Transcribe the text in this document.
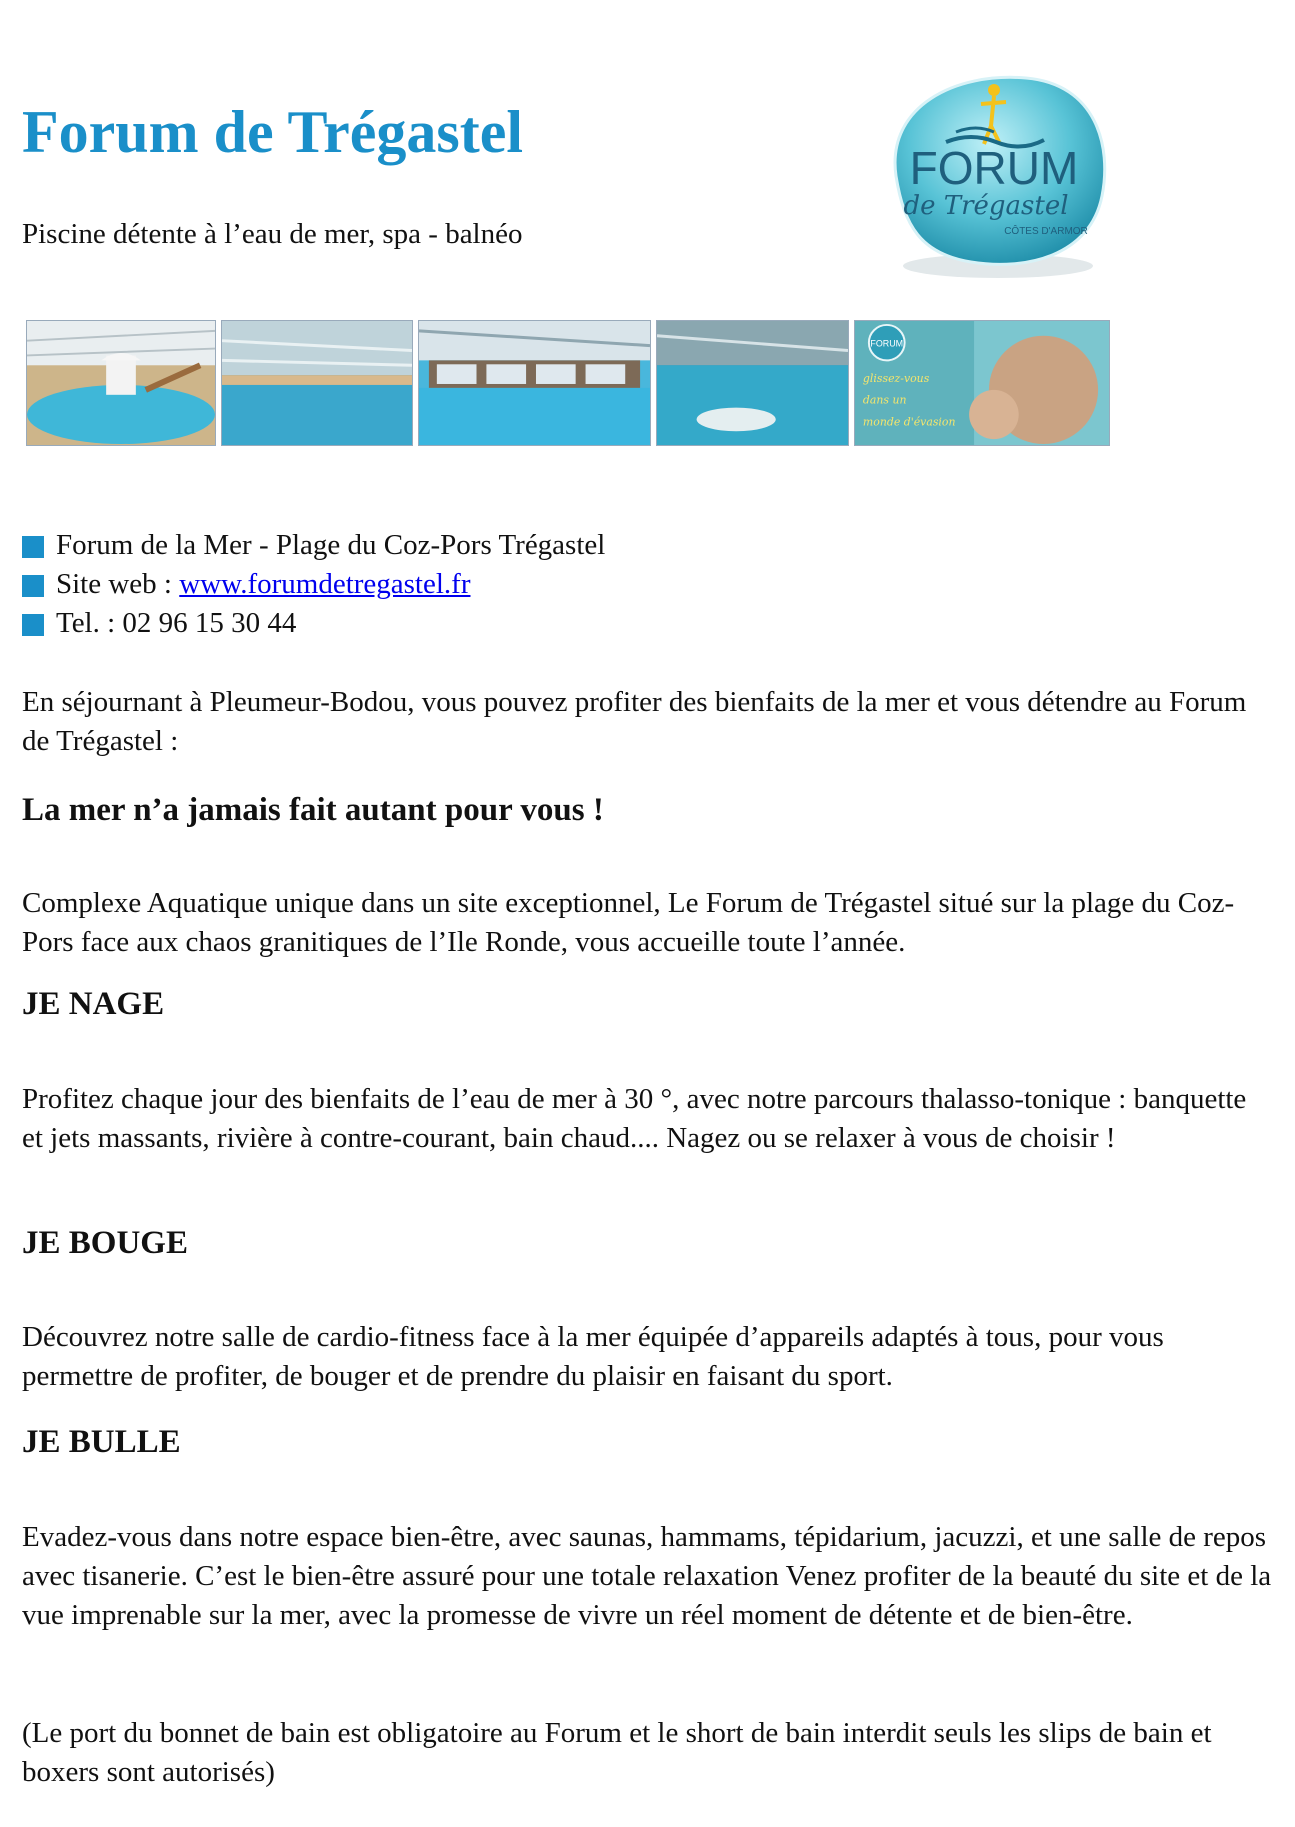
Forum de Trégastel
Piscine détente à l’eau de mer, spa - balnéo
FORUM
de Trégastel
CÔTES D'ARMOR
FORUM
glissez-vous
dans un
monde d'évasion
Forum de la Mer - Plage du Coz-Pors Trégastel
Site web : www.forumdetregastel.fr
Tel. : 02 96 15 30 44

En séjournant à Pleumeur-Bodou, vous pouvez profiter des bienfaits de la mer et vous détendre au Forum de Trégastel :

La mer n’a jamais fait autant pour vous !

Complexe Aquatique unique dans un site exceptionnel, Le Forum de Trégastel situé sur la plage du Coz-Pors face aux chaos granitiques de l’Ile Ronde, vous accueille toute l’année.

JE NAGE

Profitez chaque jour des bienfaits de l’eau de mer à 30 °, avec notre parcours thalasso-tonique : banquette et jets massants, rivière à contre-courant, bain chaud.... Nagez ou se relaxer à vous de choisir !

JE BOUGE

Découvrez notre salle de cardio-fitness face à la mer équipée d’appareils adaptés à tous, pour vous permettre de profiter, de bouger et de prendre du plaisir en faisant du sport.

JE BULLE

Evadez-vous dans notre espace bien-être, avec saunas, hammams, tépidarium, jacuzzi, et une salle de repos avec tisanerie. C’est le bien-être assuré pour une totale relaxation Venez profiter de la beauté du site et de la vue imprenable sur la mer, avec la promesse de vivre un réel moment de détente et de bien-être.

(Le port du bonnet de bain est obligatoire au Forum et le short de bain interdit seuls les slips de bain et boxers sont autorisés)
